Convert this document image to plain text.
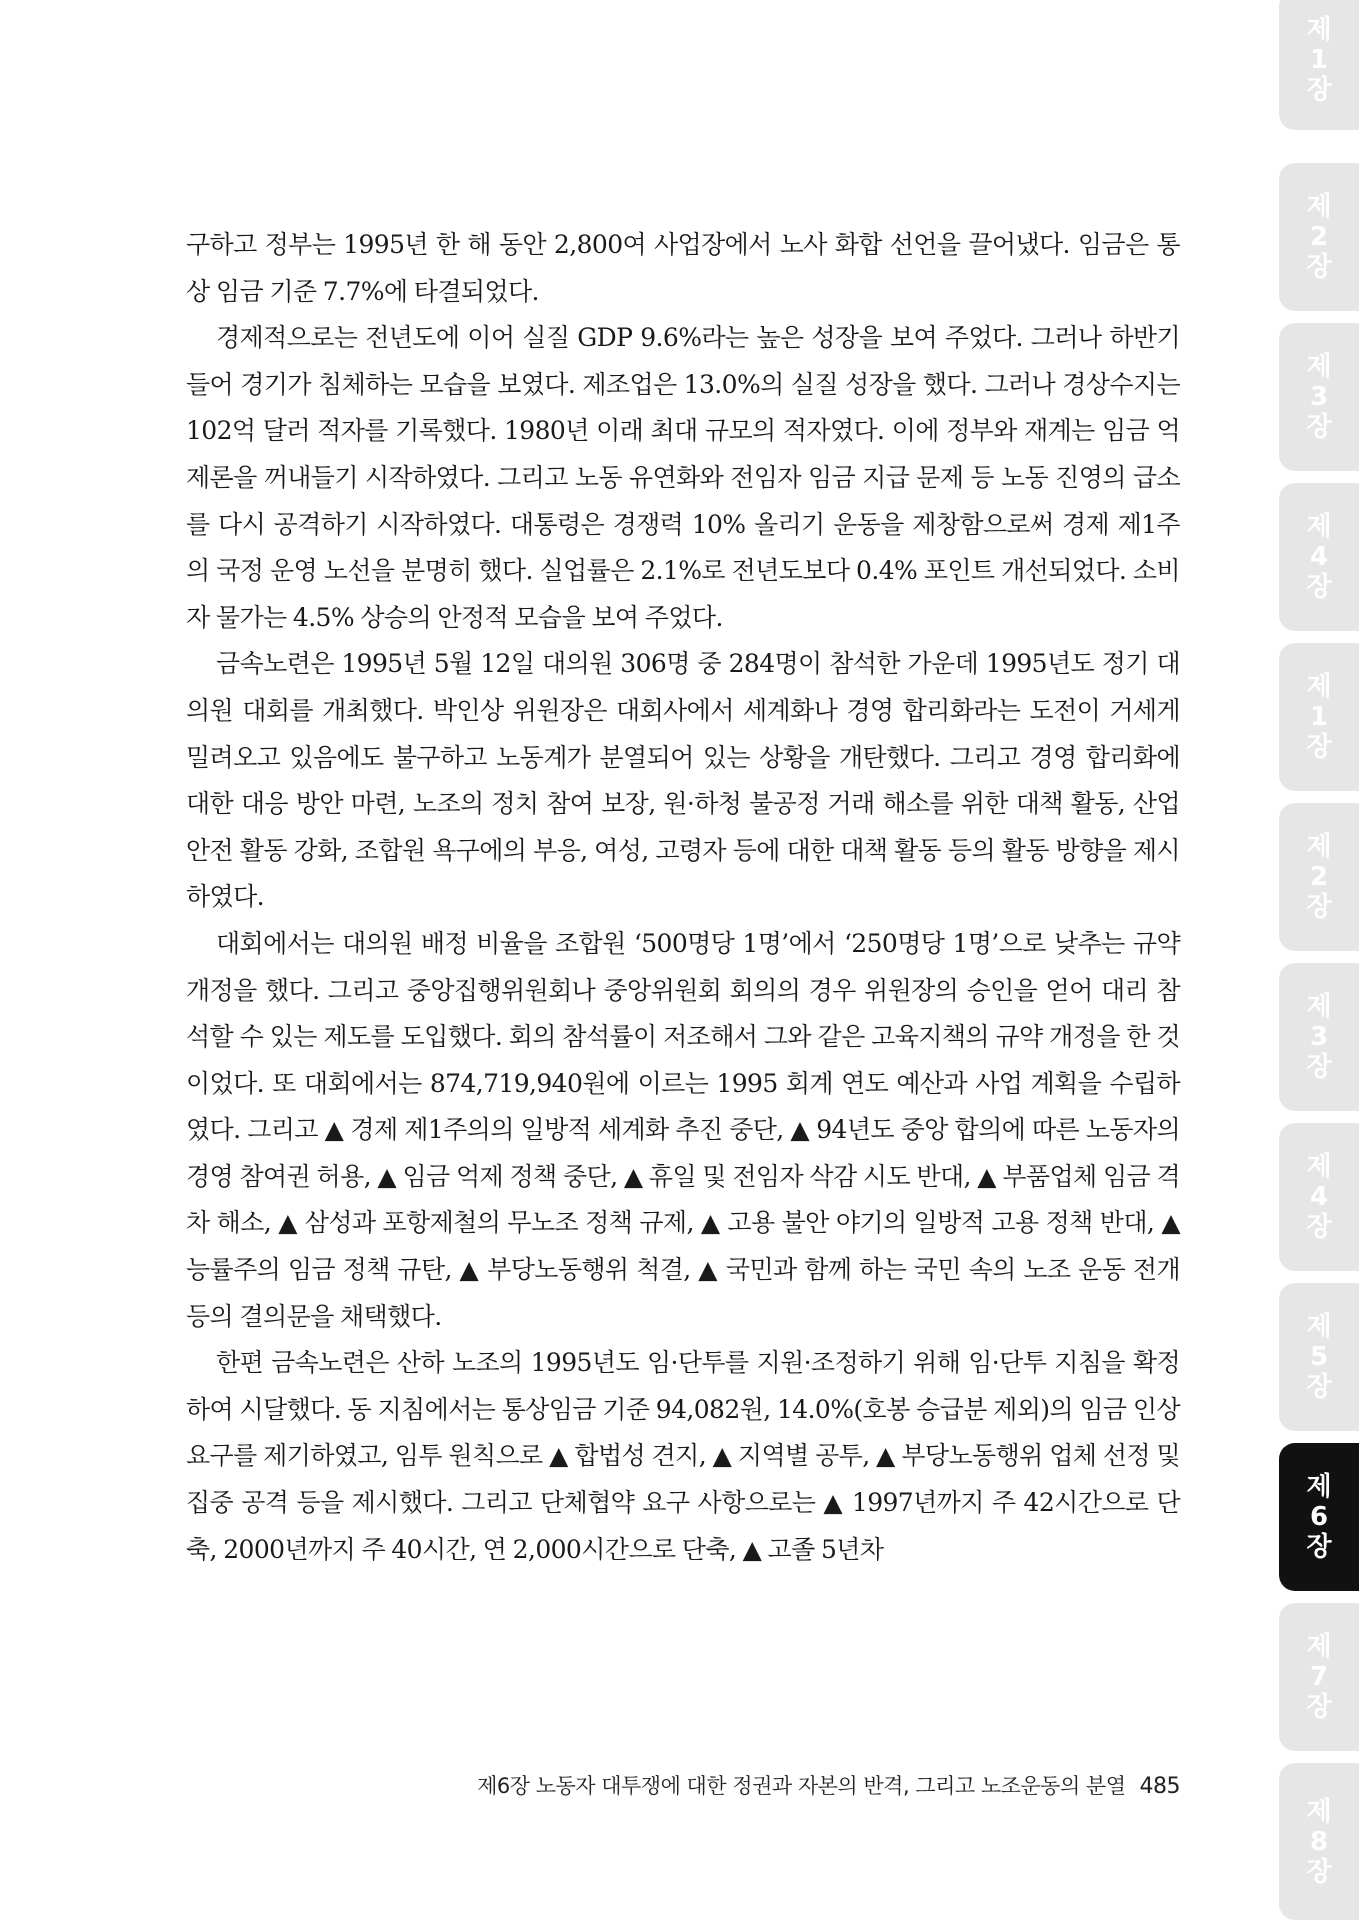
구하고 정부는 1995년 한 해 동안 2,800여 사업장에서 노사 화합 선언을 끌어냈다. 임금은 통상 임금 기준 7.7%에 타결되었다.

경제적으로는 전년도에 이어 실질 GDP 9.6%라는 높은 성장을 보여 주었다. 그러나 하반기 들어 경기가 침체하는 모습을 보였다. 제조업은 13.0%의 실질 성장을 했다. 그러나 경상수지는 102억 달러 적자를 기록했다. 1980년 이래 최대 규모의 적자였다. 이에 정부와 재계는 임금 억제론을 꺼내들기 시작하였다. 그리고 노동 유연화와 전임자 임금 지급 문제 등 노동 진영의 급소를 다시 공격하기 시작하였다. 대통령은 경쟁력 10% 올리기 운동을 제창함으로써 경제 제1주의 국정 운영 노선을 분명히 했다. 실업률은 2.1%로 전년도보다 0.4% 포인트 개선되었다. 소비자 물가는 4.5% 상승의 안정적 모습을 보여 주었다.

금속노련은 1995년 5월 12일 대의원 306명 중 284명이 참석한 가운데 1995년도 정기 대의원 대회를 개최했다. 박인상 위원장은 대회사에서 세계화나 경영 합리화라는 도전이 거세게 밀려오고 있음에도 불구하고 노동계가 분열되어 있는 상황을 개탄했다. 그리고 경영 합리화에 대한 대응 방안 마련, 노조의 정치 참여 보장, 원·하청 불공정 거래 해소를 위한 대책 활동, 산업안전 활동 강화, 조합원 욕구에의 부응, 여성, 고령자 등에 대한 대책 활동 등의 활동 방향을 제시하였다.

대회에서는 대의원 배정 비율을 조합원 ‘500명당 1명’에서 ‘250명당 1명’으로 낮추는 규약 개정을 했다. 그리고 중앙집행위원회나 중앙위원회 회의의 경우 위원장의 승인을 얻어 대리 참석할 수 있는 제도를 도입했다. 회의 참석률이 저조해서 그와 같은 고육지책의 규약 개정을 한 것이었다. 또 대회에서는 874,719,940원에 이르는 1995 회계 연도 예산과 사업 계획을 수립하였다. 그리고 ▲ 경제 제1주의의 일방적 세계화 추진 중단, ▲ 94년도 중앙 합의에 따른 노동자의 경영 참여권 허용, ▲ 임금 억제 정책 중단, ▲ 휴일 및 전임자 삭감 시도 반대, ▲ 부품업체 임금 격차 해소, ▲ 삼성과 포항제철의 무노조 정책 규제, ▲ 고용 불안 야기의 일방적 고용 정책 반대, ▲ 능률주의 임금 정책 규탄, ▲ 부당노동행위 척결, ▲ 국민과 함께 하는 국민 속의 노조 운동 전개 등의 결의문을 채택했다.

한편 금속노련은 산하 노조의 1995년도 임·단투를 지원·조정하기 위해 임·단투 지침을 확정하여 시달했다. 동 지침에서는 통상임금 기준 94,082원, 14.0%(호봉 승급분 제외)의 임금 인상 요구를 제기하였고, 임투 원칙으로 ▲ 합법성 견지, ▲ 지역별 공투, ▲ 부당노동행위 업체 선정 및 집중 공격 등을 제시했다. 그리고 단체협약 요구 사항으로는 ▲ 1997년까지 주 42시간으로 단축, 2000년까지 주 40시간, 연 2,000시간으로 단축, ▲ 고졸 5년차

제6장 노동자 대투쟁에 대한 정권과 자본의 반격, 그리고 노조운동의 분열 485
제
1
장
제
2
장
제
3
장
제
4
장
제
1
장
제
2
장
제
3
장
제
4
장
제
5
장
제
6
장
제
7
장
제
8
장
